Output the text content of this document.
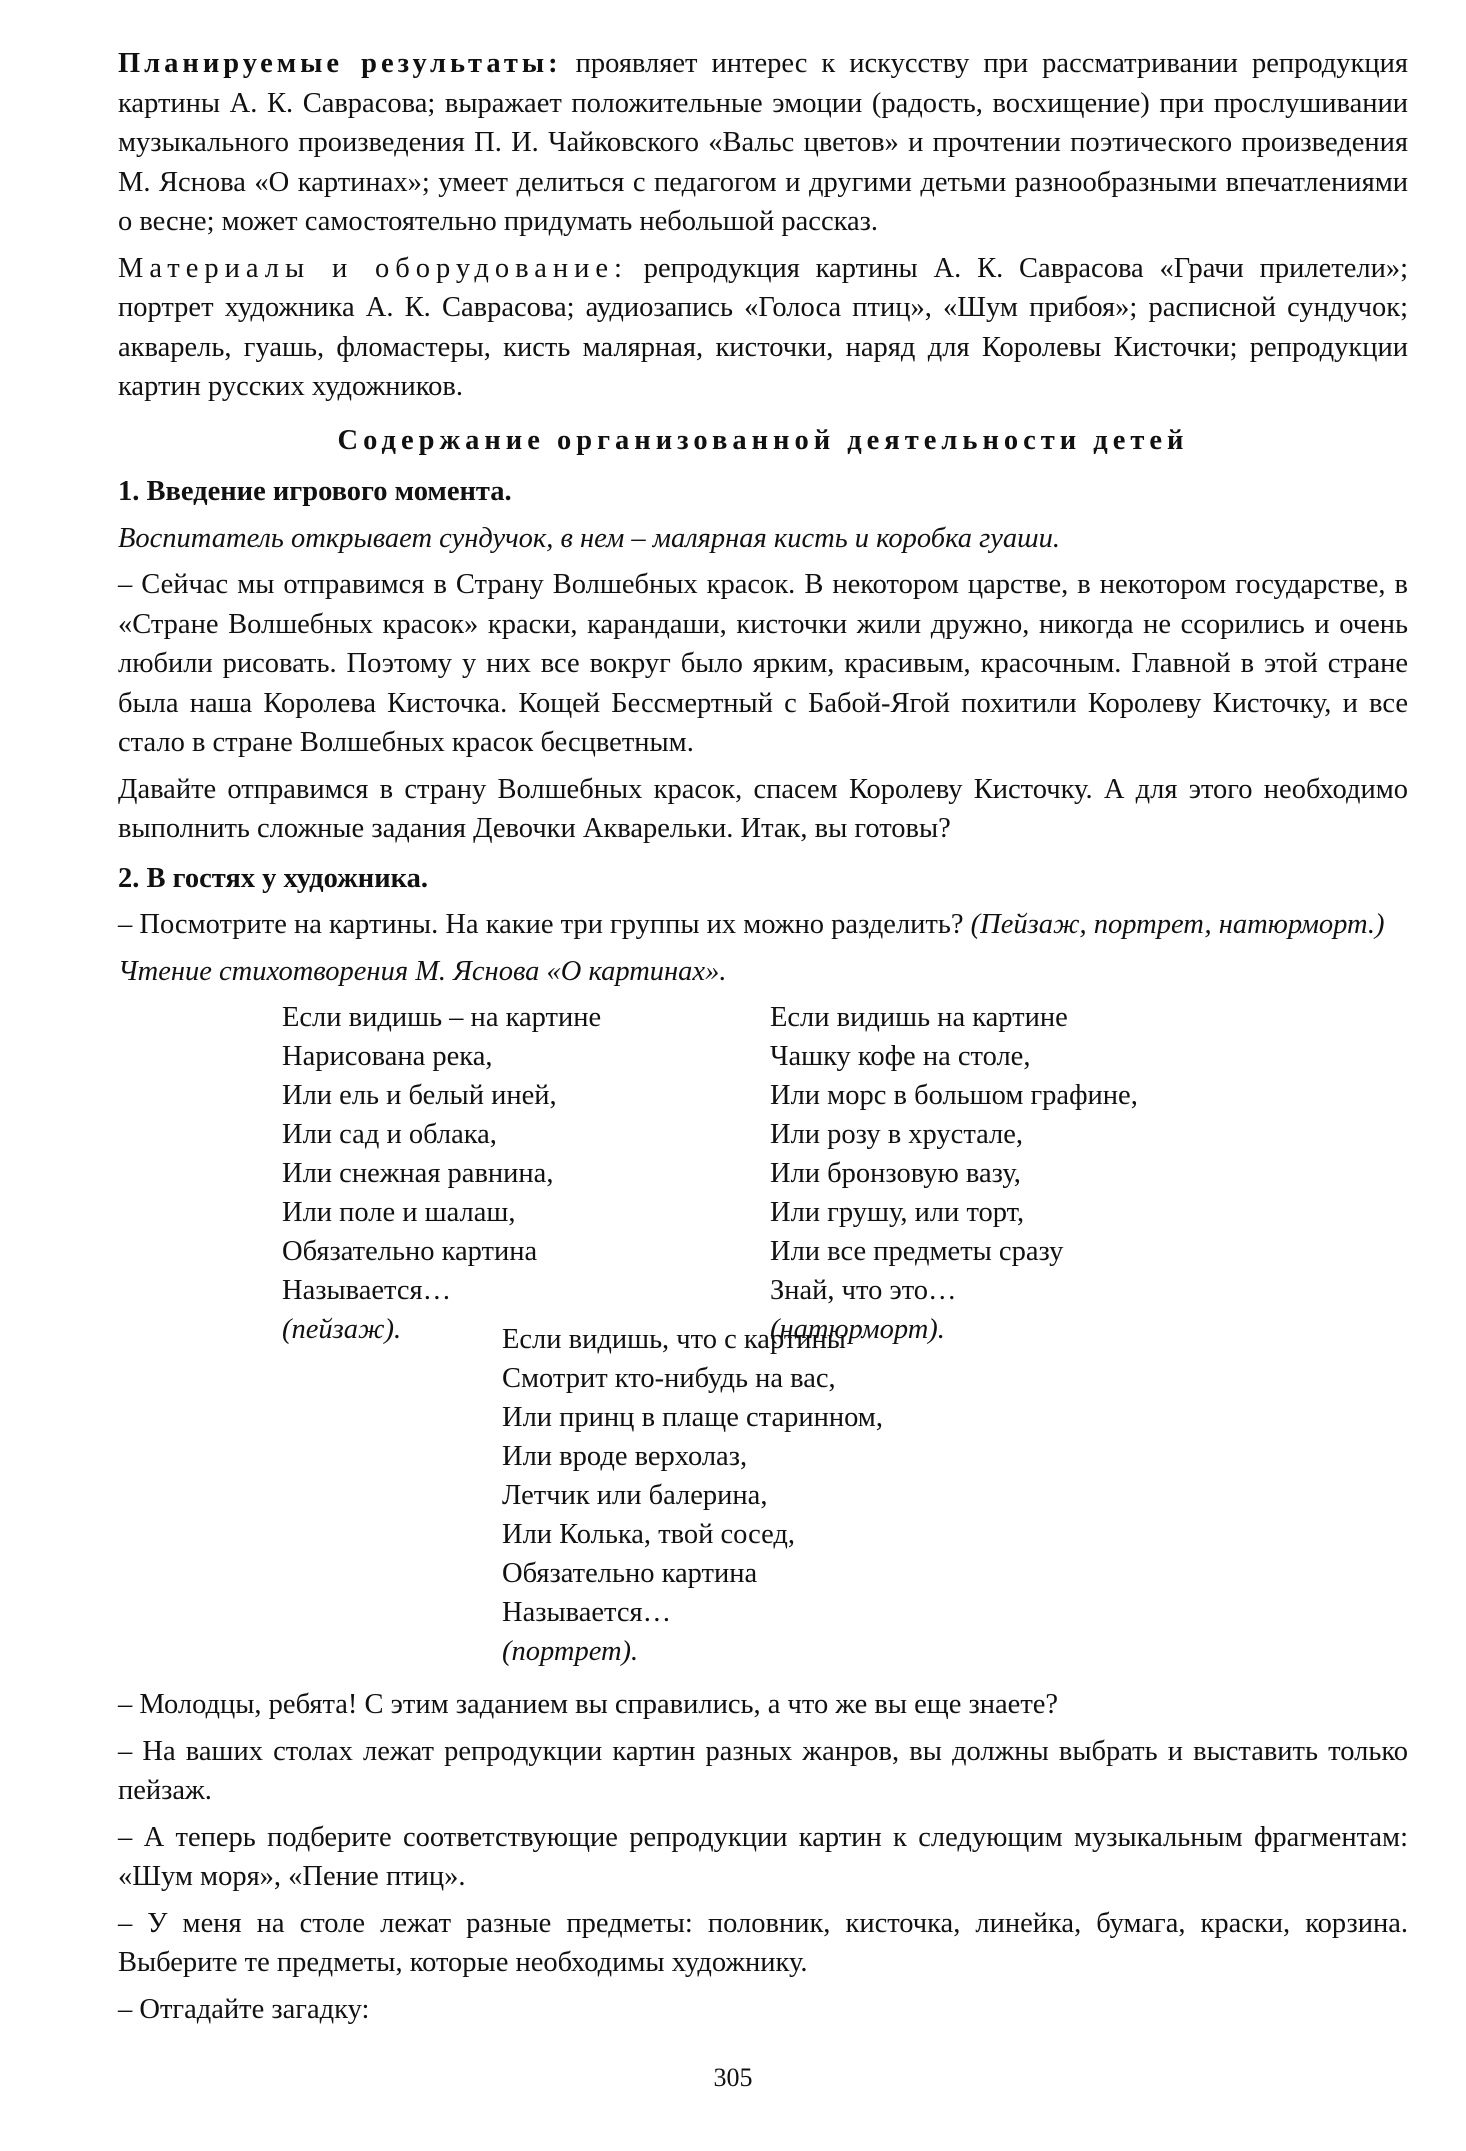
Планируемые результаты: проявляет интерес к искусству при рассматривании репродукция картины А. К. Саврасова; выражает положительные эмоции (радость, восхищение) при прослушивании музыкального произведения П. И. Чайковского «Вальс цветов» и прочтении поэтического произведения М. Яснова «О картинах»; умеет делиться с педагогом и другими детьми разнообразными впечатлениями о весне; может самостоятельно придумать небольшой рассказ.

Материалы и оборудование: репродукция картины А. К. Саврасова «Грачи прилетели»; портрет художника А. К. Саврасова; аудиозапись «Голоса птиц», «Шум прибоя»; расписной сундучок; акварель, гуашь, фломастеры, кисть малярная, кисточки, наряд для Королевы Кисточки; репродукции картин русских художников.

Содержание организованной деятельности детей

1. Введение игрового момента.

Воспитатель открывает сундучок, в нем – малярная кисть и коробка гуаши.

– Сейчас мы отправимся в Страну Волшебных красок. В некотором царстве, в некотором государстве, в «Стране Волшебных красок» краски, карандаши, кисточки жили дружно, никогда не ссорились и очень любили рисовать. Поэтому у них все вокруг было ярким, красивым, красочным. Главной в этой стране была наша Королева Кисточка. Кощей Бессмертный с Бабой-Ягой похитили Королеву Кисточку, и все стало в стране Волшебных красок бесцветным.

Давайте отправимся в страну Волшебных красок, спасем Королеву Кисточку. А для этого необходимо выполнить сложные задания Девочки Акварельки. Итак, вы готовы?

2. В гостях у художника.

– Посмотрите на картины. На какие три группы их можно разделить? (Пейзаж, портрет, натюрморт.)

Чтение стихотворения М. Яснова «О картинах».

Если видишь – на картине
Нарисована река,
Или ель и белый иней,
Или сад и облака,
Или снежная равнина,
Или поле и шалаш,
Обязательно картина
Называется…
(пейзаж).
Если видишь на картине
Чашку кофе на столе,
Или морс в большом графине,
Или розу в хрустале,
Или бронзовую вазу,
Или грушу, или торт,
Или все предметы сразу
Знай, что это…
(натюрморт).
Если видишь, что с картины
Смотрит кто-нибудь на вас,
Или принц в плаще старинном,
Или вроде верхолаз,
Летчик или балерина,
Или Колька, твой сосед,
Обязательно картина
Называется…
(портрет).

– Молодцы, ребята! С этим заданием вы справились, а что же вы еще знаете?

– На ваших столах лежат репродукции картин разных жанров, вы должны выбрать и выставить только пейзаж.

– А теперь подберите соответствующие репродукции картин к следующим музыкальным фрагментам: «Шум моря», «Пение птиц».

– У меня на столе лежат разные предметы: половник, кисточка, линейка, бумага, краски, корзина. Выберите те предметы, которые необходимы художнику.

– Отгадайте загадку:

305
